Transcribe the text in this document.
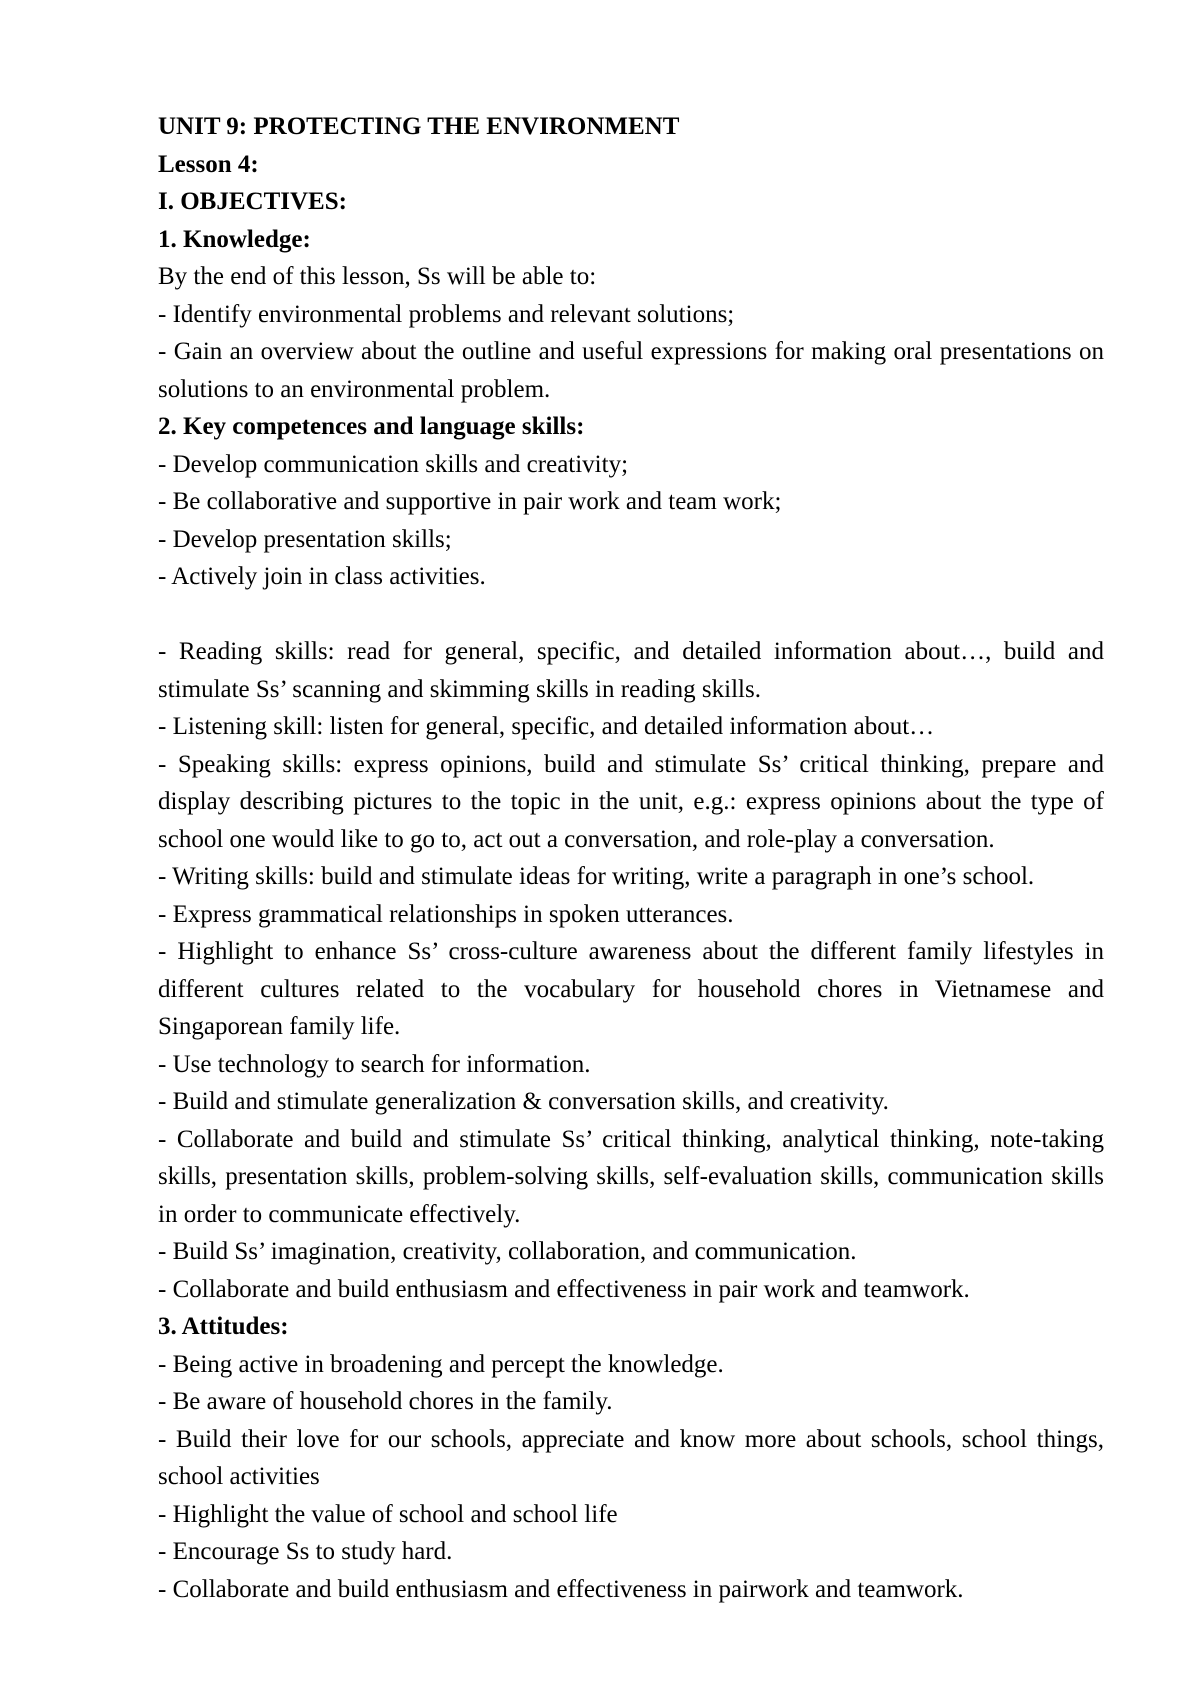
UNIT 9: PROTECTING THE ENVIRONMENT

Lesson 4:

I. OBJECTIVES:

1. Knowledge:

By the end of this lesson, Ss will be able to:

- Identify environmental problems and relevant solutions;

- Gain an overview about the outline and useful expressions for making oral presentations on solutions to an environmental problem.

2. Key competences and language skills:

- Develop communication skills and creativity;

- Be collaborative and supportive in pair work and team work;

- Develop presentation skills;

- Actively join in class activities.

- Reading skills: read for general, specific, and detailed information about…, build and stimulate Ss’ scanning and skimming skills in reading skills.

- Listening skill: listen for general, specific, and detailed information about…

- Speaking skills: express opinions, build and stimulate Ss’ critical thinking, prepare and display describing pictures to the topic in the unit, e.g.: express opinions about the type of school one would like to go to, act out a conversation, and role-play a conversation.

- Writing skills: build and stimulate ideas for writing, write a paragraph in one’s school.

- Express grammatical relationships in spoken utterances.

- Highlight to enhance Ss’ cross-culture awareness about the different family lifestyles in different cultures related to the vocabulary for household chores in Vietnamese and Singaporean family life.

- Use technology to search for information.

- Build and stimulate generalization & conversation skills, and creativity.

- Collaborate and build and stimulate Ss’ critical thinking, analytical thinking, note-taking skills, presentation skills, problem-solving skills, self-evaluation skills, communication skills in order to communicate effectively.

- Build Ss’ imagination, creativity, collaboration, and communication.

- Collaborate and build enthusiasm and effectiveness in pair work and teamwork.

3. Attitudes:

- Being active in broadening and percept the knowledge.

- Be aware of household chores in the family.

- Build their love for our schools, appreciate and know more about schools, school things, school activities

- Highlight the value of school and school life

- Encourage Ss to study hard.

- Collaborate and build enthusiasm and effectiveness in pairwork and teamwork.
